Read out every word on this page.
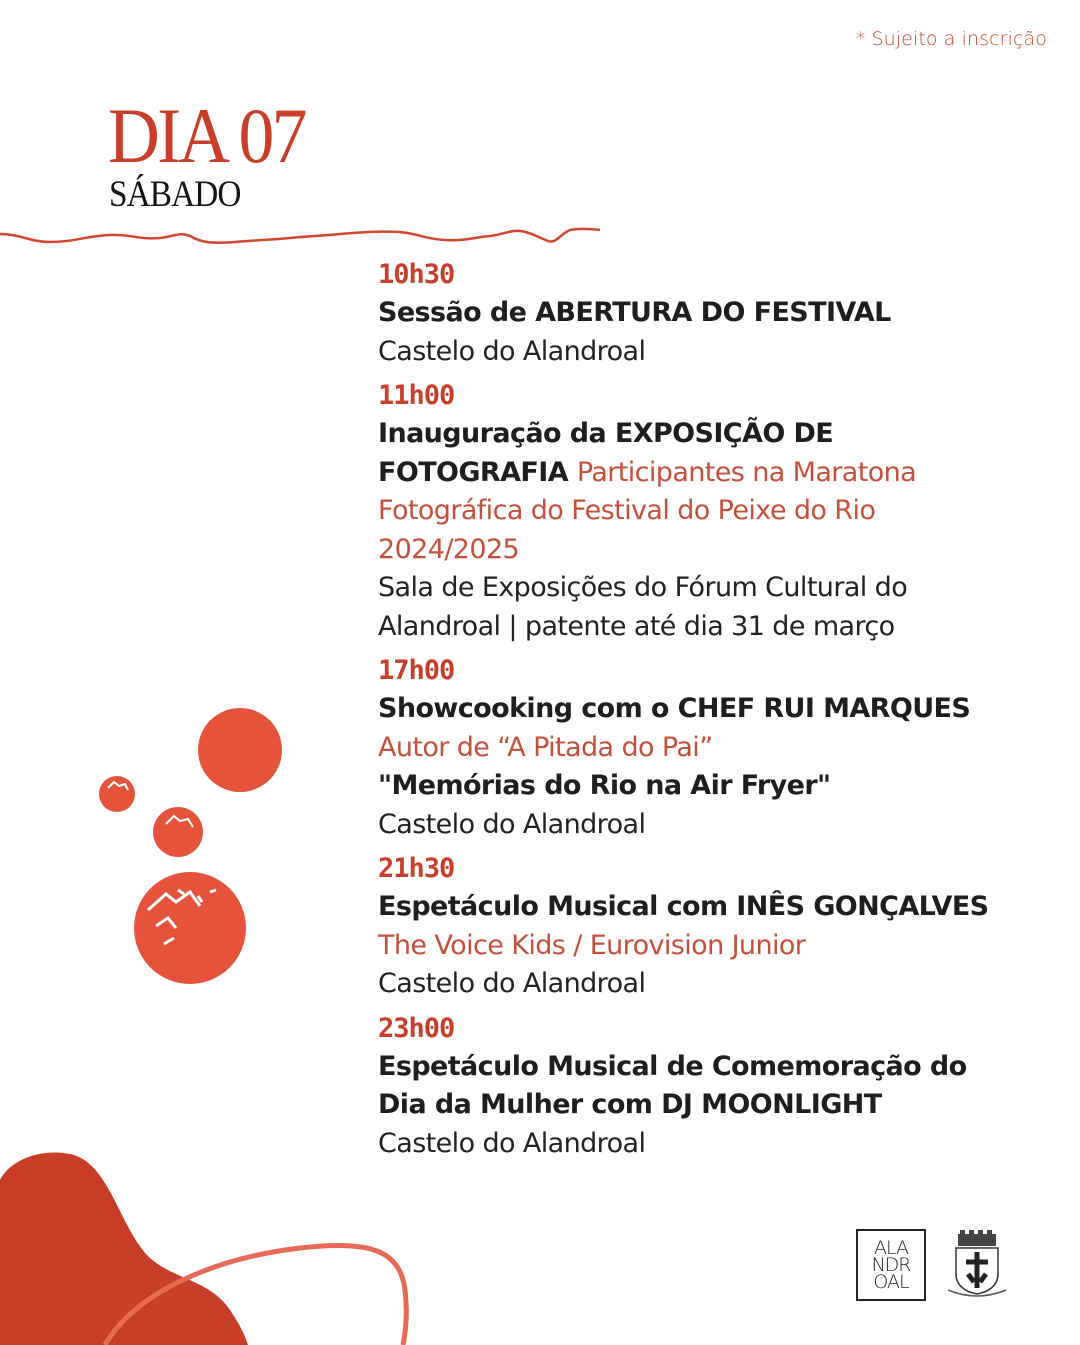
* Sujeito a inscrição
DIA 07
SÁBADO
10h30
Sessão de ABERTURA DO FESTIVAL
Castelo do Alandroal
11h00
Inauguração da EXPOSIÇÃO DE FOTOGRAFIA Participantes na Maratona Fotográfica do Festival do Peixe do Rio 2024/2025
Sala de Exposições do Fórum Cultural do Alandroal | patente até dia 31 de março
17h00
Showcooking com o CHEF RUI MARQUES
Autor de “A Pitada do Pai”
"Memórias do Rio na Air Fryer"
Castelo do Alandroal
21h30
Espetáculo Musical com INÊS GONÇALVES
The Voice Kids / Eurovision Junior
Castelo do Alandroal
23h00
Espetáculo Musical de Comemoração do Dia da Mulher com DJ MOONLIGHT
Castelo do Alandroal
ALA
NDR
OAL
